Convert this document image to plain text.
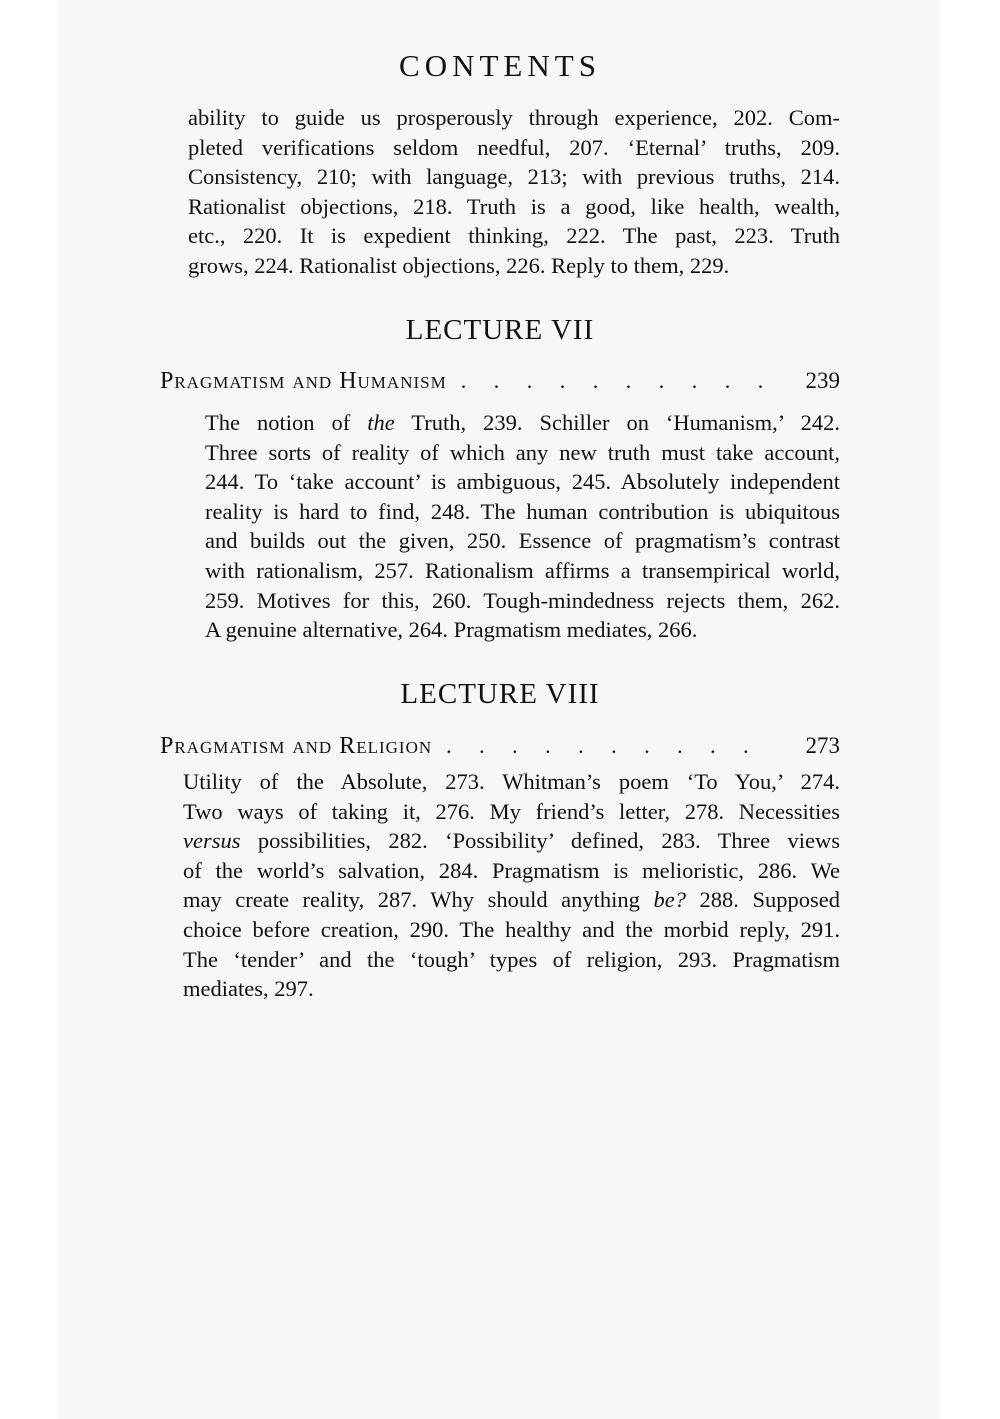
CONTENTS
ability to guide us prosperously through experience, 202. Com-
pleted verifications seldom needful, 207. ‘Eternal’ truths, 209.
Consistency, 210; with language, 213; with previous truths, 214.
Rationalist objections, 218. Truth is a good, like health, wealth,
etc., 220. It is expedient thinking, 222. The past, 223. Truth
grows, 224. Rationalist objections, 226. Reply to them, 229.
LECTURE VII
Pragmatism and Humanism . . . . . . . . . .	239
The notion of the Truth, 239. Schiller on ‘Humanism,’ 242.
Three sorts of reality of which any new truth must take account,
244. To ‘take account’ is ambiguous, 245. Absolutely independent
reality is hard to find, 248. The human contribution is ubiquitous
and builds out the given, 250. Essence of pragmatism’s contrast
with rationalism, 257. Rationalism affirms a transempirical world,
259. Motives for this, 260. Tough-mindedness rejects them, 262.
A genuine alternative, 264. Pragmatism mediates, 266.
LECTURE VIII
Pragmatism and Religion . . . . . . . . . .	273
Utility of the Absolute, 273. Whitman’s poem ‘To You,’ 274.
Two ways of taking it, 276. My friend’s letter, 278. Necessities
versus possibilities, 282. ‘Possibility’ defined, 283. Three views
of the world’s salvation, 284. Pragmatism is melioristic, 286. We
may create reality, 287. Why should anything be? 288. Supposed
choice before creation, 290. The healthy and the morbid reply, 291.
The ‘tender’ and the ‘tough’ types of religion, 293. Pragmatism
mediates, 297.
